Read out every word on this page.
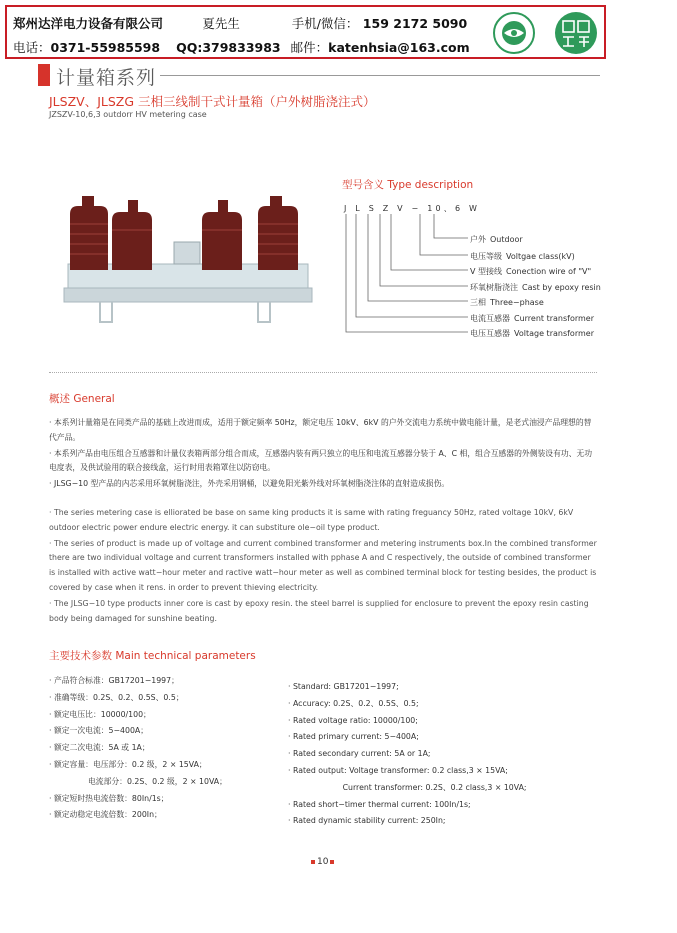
郑州达洋电力设备有限公司	夏先生	手机/微信： 159 2172 5090
电话：0371-55985598 QQ:379833983 邮件：katenhsia@163.com
计量箱系列
JLSZV、JLSZG 三相三线制干式计量箱（户外树脂浇注式）
JZSZV-10,6,3 outdorr HV metering case
型号含义 Type description
J L S Z V − 10、6 W
户外 Outdoor
电压等级 Voltgae class(kV)
V 型接线 Conection wire of "V"
环氧树脂浇注 Cast by epoxy resin
三相 Three−phase
电流互感器 Current transformer
电压互感器 Voltage transformer
概述 General

· 本系列计量箱是在同类产品的基础上改进而成，适用于额定频率 50Hz，额定电压 10kV、6kV 的户外交流电力系统中做电能计量，是老式油浸产品理想的替代产品。

· 本系列产品由电压组合互感器和计量仪表箱两部分组合而成，互感器内装有两只独立的电压和电流互感器分装于 A、C 相，组合互感器的外侧装设有功、无功电度表，及供试验用的联合接线盒，运行时用表箱罩住以防窃电。

· JLSG−10 型产品的内芯采用环氧树脂浇注，外壳采用钢桶，以避免阳光紫外线对环氧树脂浇注体的直射造成损伤。

· The series metering case is elliorated be base on same king products it is same with rating freguancy 50Hz, rated voltage 10kV, 6kV outdoor electric power endure electric energy. it can substiture ole−oil type product.

· The series of product is made up of voltage and current combined transformer and metering instruments box.In the combined transformer there are two individual voltage and current transformers installed with pphase A and C respectively, the outside of combined transformer is installed with active watt−hour meter and ractive watt−hour meter as well as combined terminal block for testing besides, the product is covered by case when it rens. in order to prevent thieving electricity.

· The JLSG−10 type products inner core is cast by epoxy resin. the steel barrel is supplied for enclosure to prevent the epoxy resin casting body being damaged for sunshine beating.

主要技术参数 Main technical parameters
· 产品符合标准：GB17201−1997；
· 准确等级：0.2S、0.2、0.5S、0.5；
· 额定电压比：10000/100；
· 额定一次电流：5−400A；
· 额定二次电流：5A 或 1A；
· 额定容量：电压部分：0.2 级，2 × 15VA；
　　　　　电流部分：0.2S、0.2 级，2 × 10VA；
· 额定短时热电流倍数：80In/1s；
· 额定动稳定电流倍数：200In；
· Standard: GB17201−1997;
· Accuracy: 0.2S、0.2、0.5S、0.5;
· Rated voltage ratio: 10000/100;
· Rated primary current: 5−400A;
· Rated secondary current: 5A or 1A;
· Rated output: Voltage transformer: 0.2 class,3 × 15VA;
　　　　　　　Current transformer: 0.2S、0.2 class,3 × 10VA;
· Rated short−timer thermal current: 100In/1s;
· Rated dynamic stability current: 250In;
10
